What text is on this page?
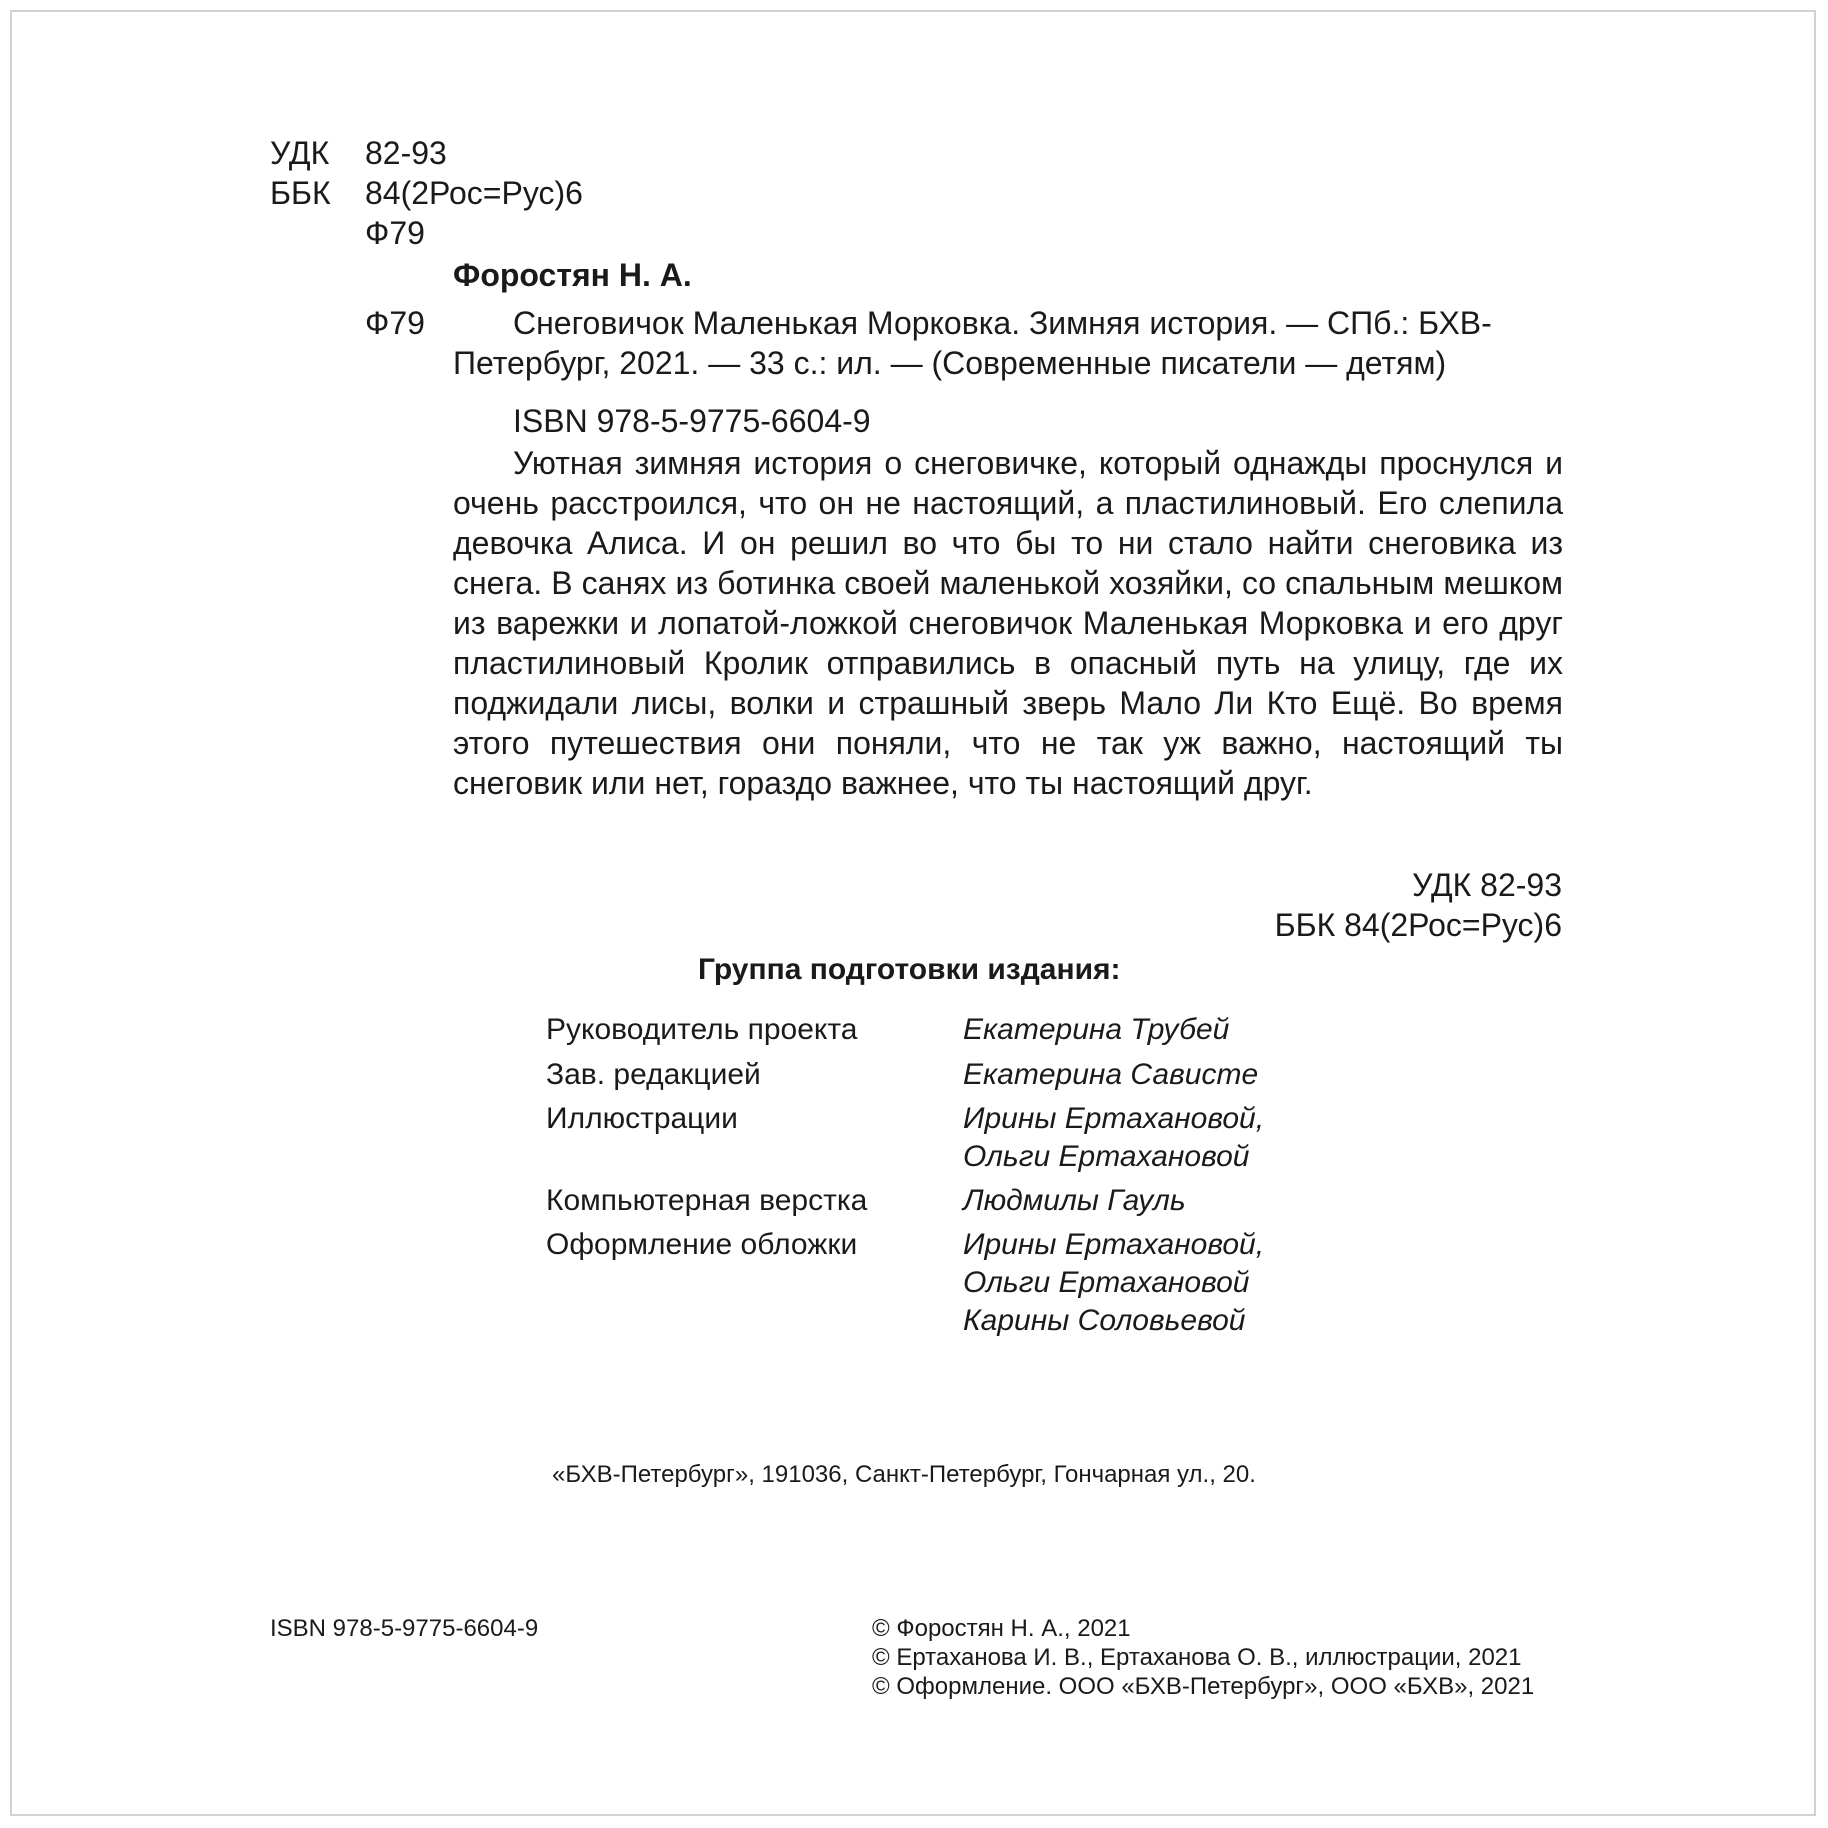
УДК 82-93
ББК 84(2Рос=Рус)6
Ф79
Форостян Н. А.
Ф79	Снеговичок Маленькая Морковка. Зимняя история. — СПб.: БХВ-
Петербург, 2021. — 33 с.: ил. — (Современные писатели — детям)
ISBN 978-5-9775-6604-9

Уютная зимняя история о снеговичке, который однажды проснулся и очень расстроился, что он не настоящий, а пластилиновый. Его слепила девочка Алиса. И он решил во что бы то ни стало найти снеговика из снега. В санях из ботинка своей маленькой хозяйки, со спальным мешком из варежки и лопатой-ложкой снеговичок Маленькая Морковка и его друг пластилиновый Кролик отправились в опасный путь на улицу, где их поджидали лисы, волки и страшный зверь Мало Ли Кто Ещё. Во время этого путешествия они поняли, что не так уж важно, настоящий ты снеговик или нет, гораздо важнее, что ты настоящий друг.

УДК 82-93
ББК 84(2Рос=Рус)6
Группа подготовки издания:
Руководитель проекта	Екатерина Трубей
Зав. редакцией	Екатерина Сависте
Иллюстрации	Ирины Ертахановой,
Ольги Ертахановой
Компьютерная верстка	Людмилы Гауль
Оформление обложки	Ирины Ертахановой,
Ольги Ертахановой
Карины Соловьевой
«БХВ-Петербург», 191036, Санкт-Петербург, Гончарная ул., 20.
ISBN 978-5-9775-6604-9	© Форостян Н. А., 2021
© Ертаханова И. В., Ертаханова О. В., иллюстрации, 2021
© Оформление. ООО «БХВ-Петербург», ООО «БХВ», 2021
